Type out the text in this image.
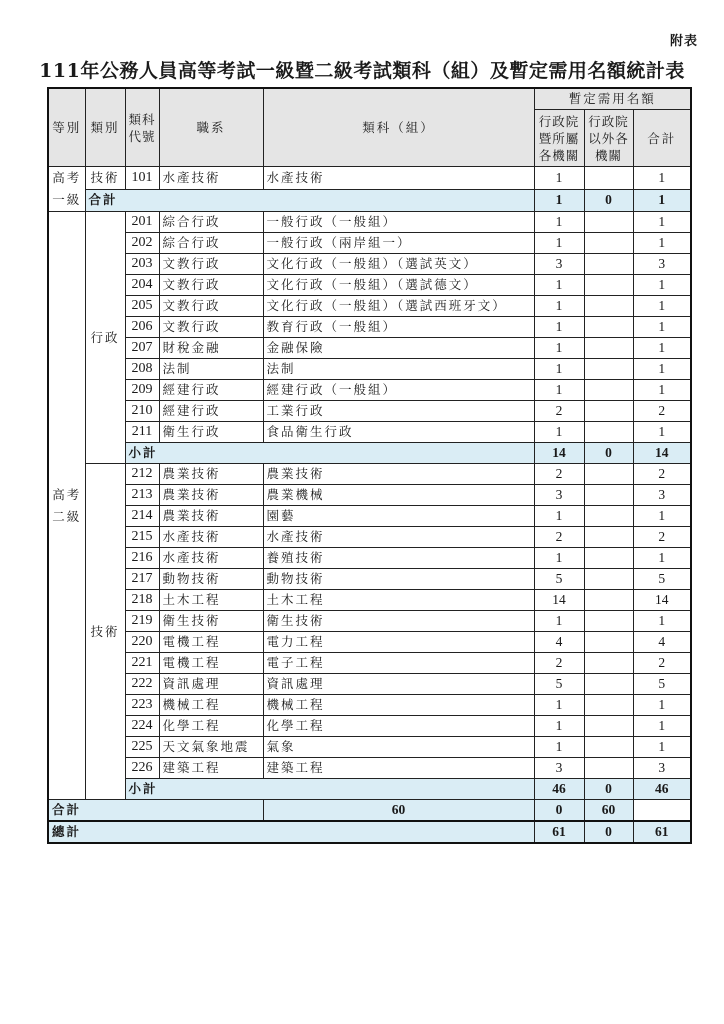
附表
111年公務人員高等考試一級暨二級考試類科（組）及暫定需用名額統計表
等別	類別	類科代號	職系	類科（組）	暫定需用名額		
					行政院暨所屬各機關	行政院以外各機關	合計
高考
一級	技術	101	水產技術	水產技術	1		1
	合計				1	0	1
高考
二級	行政	201	綜合行政	一般行政（一般組）	1		1
		202	綜合行政	一般行政（兩岸組一）	1		1
		203	文教行政	文化行政（一般組）（選試英文）	3		3
		204	文教行政	文化行政（一般組）（選試德文）	1		1
		205	文教行政	文化行政（一般組）（選試西班牙文）	1		1
		206	文教行政	教育行政（一般組）	1		1
		207	財稅金融	金融保險	1		1
		208	法制	法制	1		1
		209	經建行政	經建行政（一般組）	1		1
		210	經建行政	工業行政	2		2
		211	衛生行政	食品衛生行政	1		1
		小計			14	0	14
	技術	212	農業技術	農業技術	2		2
		213	農業技術	農業機械	3		3
		214	農業技術	園藝	1		1
		215	水產技術	水產技術	2		2
		216	水產技術	養殖技術	1		1
		217	動物技術	動物技術	5		5
		218	土木工程	土木工程	14		14
		219	衛生技術	衛生技術	1		1
		220	電機工程	電力工程	4		4
		221	電機工程	電子工程	2		2
		222	資訊處理	資訊處理	5		5
		223	機械工程	機械工程	1		1
		224	化學工程	化學工程	1		1
		225	天文氣象地震	氣象	1		1
		226	建築工程	建築工程	3		3
		小計			46	0	46
合計				60	0	60	
總計					61	0	61
